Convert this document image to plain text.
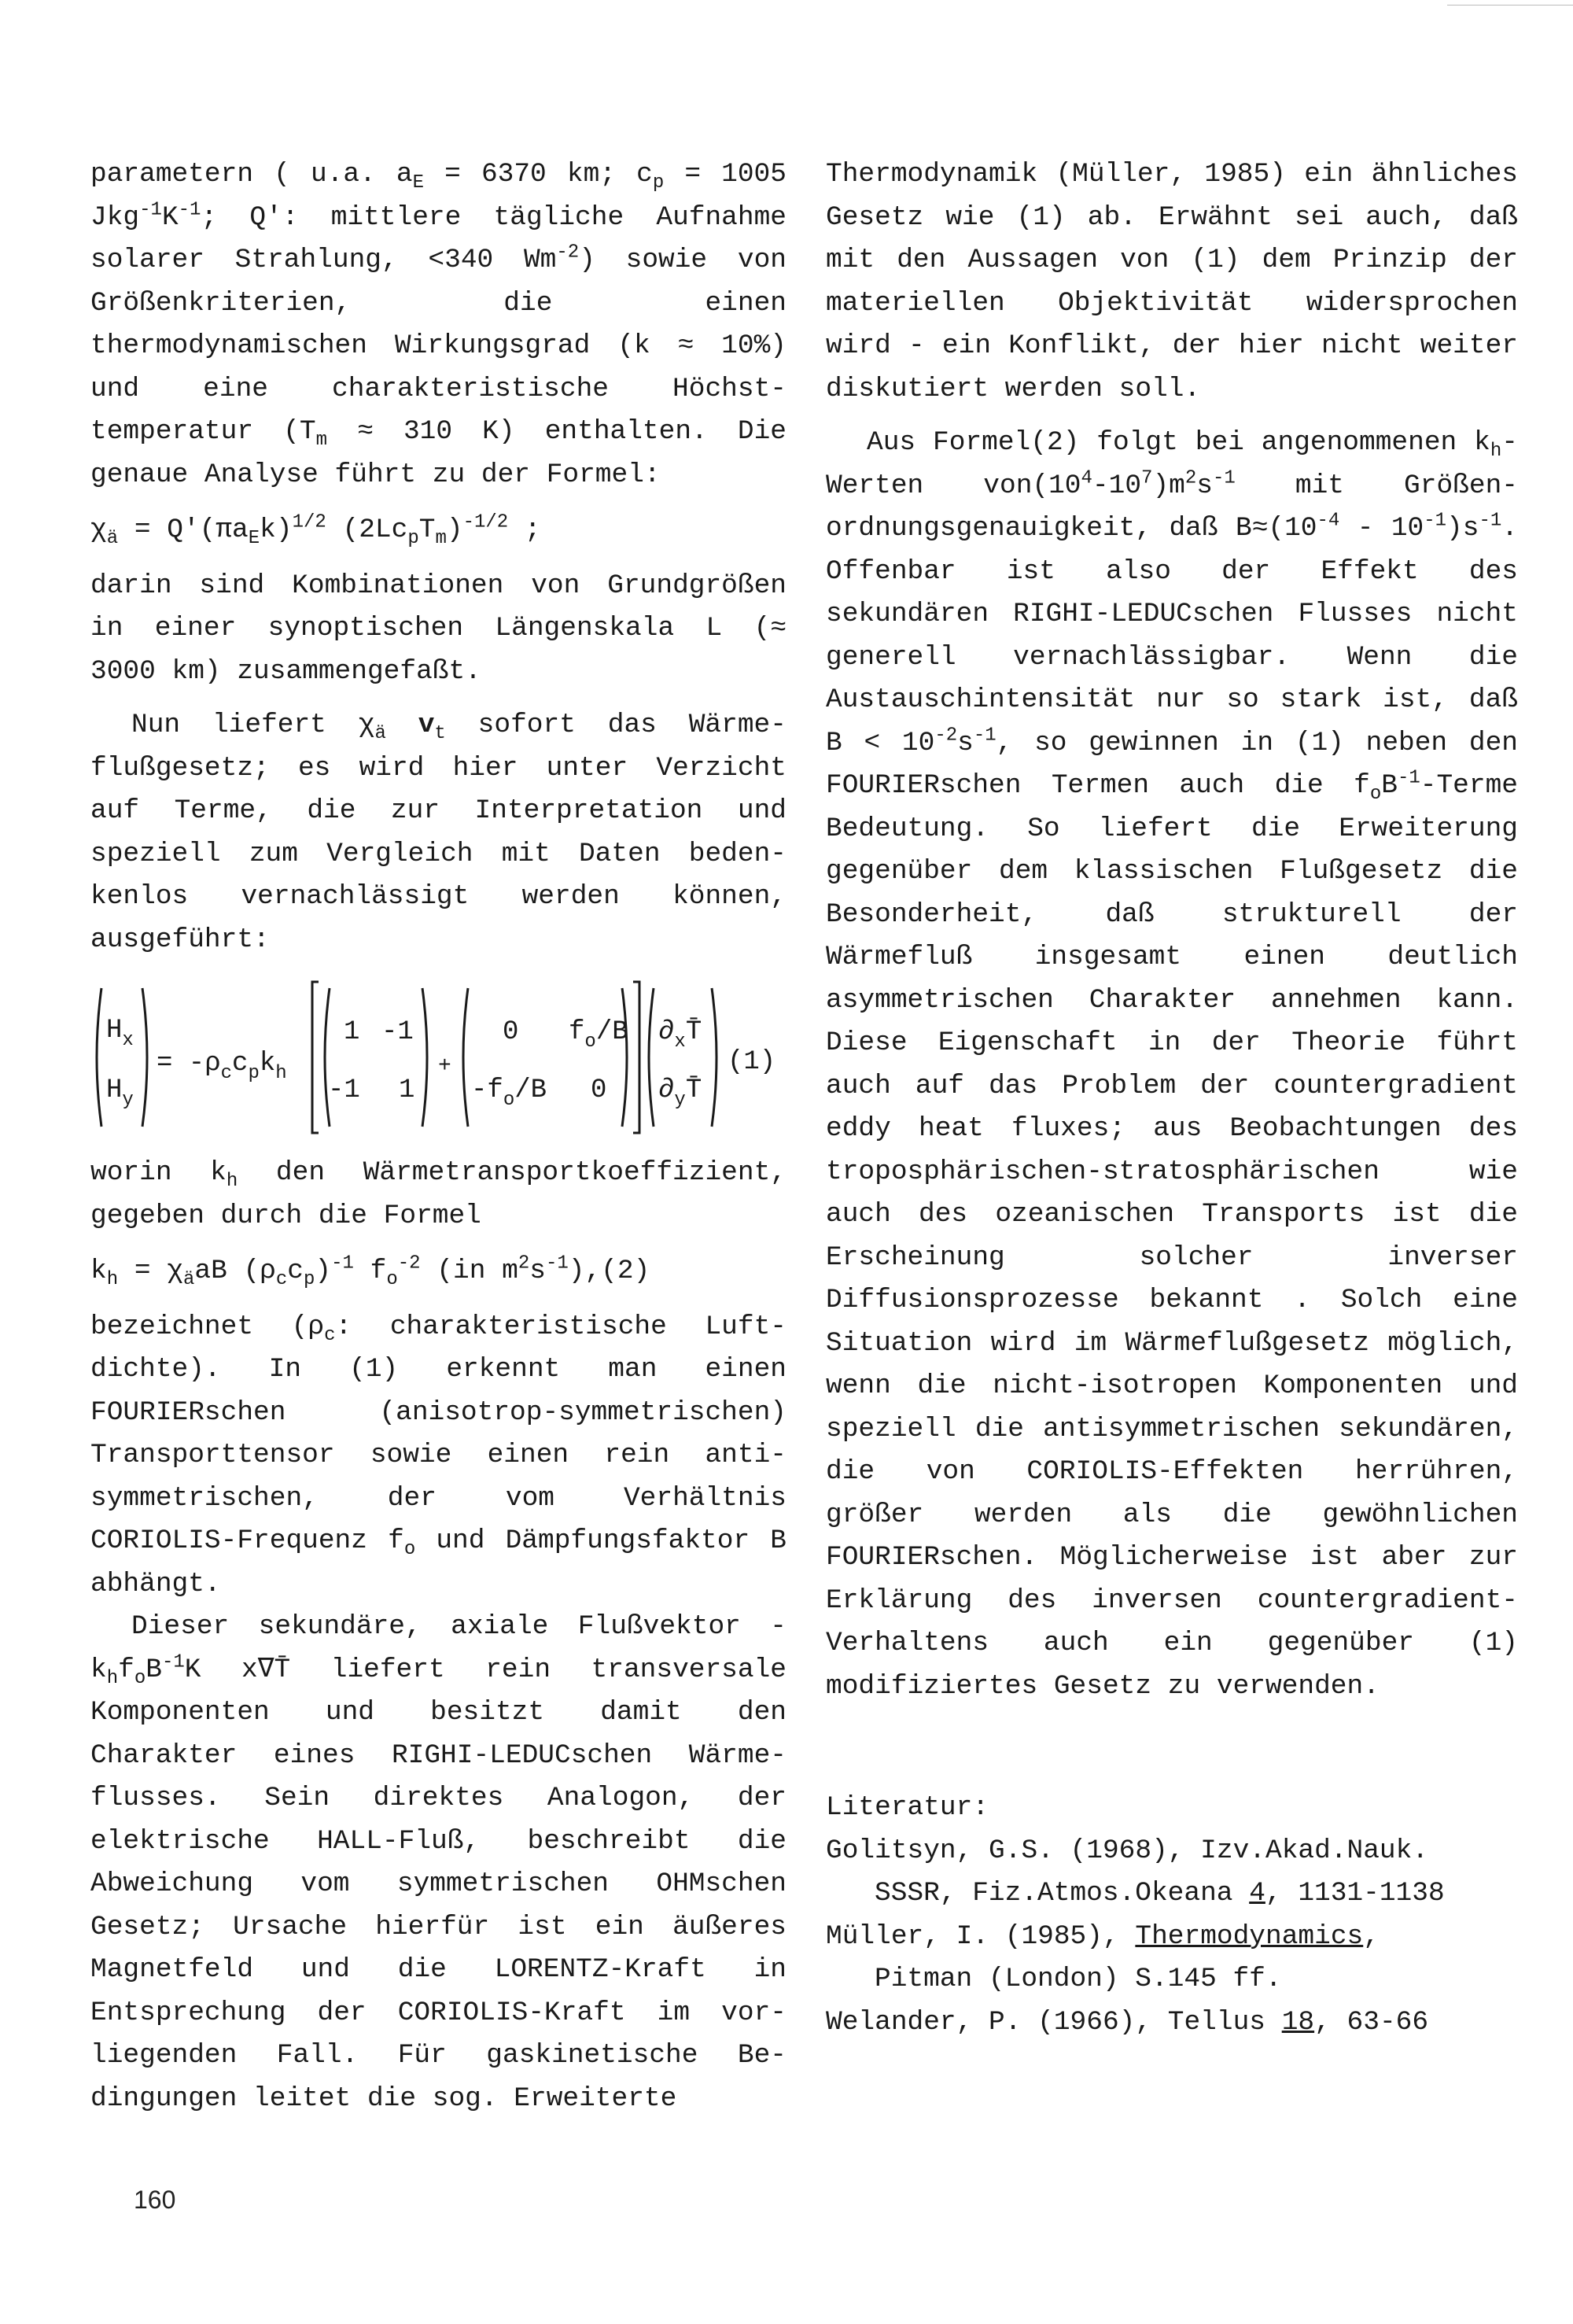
parametern ( u.a. $a_E = 6370$ km; $c_p = 1005$ $Jkg^{-1}K^{-1}$; Q': mittlere tägliche Aufnahme solarer Strahlung, <340 $Wm^{-2}$) sowie von Größenkriterien, die einen thermodynamischen Wirkungsgrad (k ≈ 10%) und eine charakteristische Höchsttemperatur ($T_m \approx 310$ K) enthalten. Die genaue Analyse führt zu der Formel:

$\chi_ä = Q'(\pi a_Ek)^{1/2}$ $(2Lc_pT_m)^{-1/2}$ ;

darin sind Kombinationen von Grundgrößen in einer synoptischen Längenskala L (≈ 3000 km) zusammengefaßt.

Nun liefert $\chi_ä$ $v_t$ sofort das Wärmeflußgesetz; es wird hier unter Verzicht auf Terme, die zur Interpretation und speziell zum Vergleich mit Daten bedenkenlos vernachlässigt werden können, ausgeführt:

$H_x$
$H_y$
= $-\rho_cc_pk_h$
1 -1
-1 1
+
0 $f_o/B$
$-f_o/B$ 0
$\partial_xT̄$
$\partial_yT̄$
(1)

worin $k_h$ den Wärmetransportkoeffizient, gegeben durch die Formel

$k_h = \chi_äaB$ $(\rho_cc_p)^{-1}$ $f_o^{-2}$ (in $m^2s^{-1}),(2)$

bezeichnet ($\rho_c$: charakteristische Luftdichte). In (1) erkennt man einen FOURIERschen (anisotrop-symmetrischen) Transporttensor sowie einen rein antisymmetrischen, der vom Verhältnis CORIOLIS-Frequenz $f_o$ und Dämpfungsfaktor B abhängt.

Dieser sekundäre, axiale Flußvektor - $k_hf_oB^{-1}K$ x∇T̄ liefert rein transversale Komponenten und besitzt damit den Charakter eines RIGHI-LEDUCschen Wärmeflusses. Sein direktes Analogon, der elektrische HALL-Fluß, beschreibt die Abweichung vom symmetrischen OHMschen Gesetz; Ursache hierfür ist ein äußeres Magnetfeld und die LORENTZ-Kraft in Entsprechung der CORIOLIS-Kraft im vorliegenden Fall. Für gaskinetische Bedingungen leitet die sog. Erweiterte

Thermodynamik (Müller, 1985) ein ähnliches Gesetz wie (1) ab. Erwähnt sei auch, daß mit den Aussagen von (1) dem Prinzip der materiellen Objektivität widersprochen wird - ein Konflikt, der hier nicht weiter diskutiert werden soll.

Aus Formel(2) folgt bei angenommenen $k_h$-Werten $von(10^4-10^7)m^2s^{-1}$ mit Größenordnungsgenauigkeit, daß $B\approx(10^{-4} - 10^{-1})s^{-1}$. Offenbar ist also der Effekt des sekundären RIGHI-LEDUCschen Flusses nicht generell vernachlässigbar. Wenn die Austauschintensität nur so stark ist, daß $B < 10^{-2}s^{-1}$, so gewinnen in (1) neben den FOURIERschen Termen auch die $f_oB^{-1}$-Terme Bedeutung. So liefert die Erweiterung gegenüber dem klassischen Flußgesetz die Besonderheit, daß strukturell der Wärmefluß insgesamt einen deutlich asymmetrischen Charakter annehmen kann. Diese Eigenschaft in der Theorie führt auch auf das Problem der countergradient eddy heat fluxes; aus Beobachtungen des troposphärischen-stratosphärischen wie auch des ozeanischen Transports ist die Erscheinung solcher inverser Diffusionsprozesse bekannt . Solch eine Situation wird im Wärmeflußgesetz möglich, wenn die nicht-isotropen Komponenten und speziell die antisymmetrischen sekundären, die von CORIOLIS-Effekten herrühren, größer werden als die gewöhnlichen FOURIERschen. Möglicherweise ist aber zur Erklärung des inversen countergradient-Verhaltens auch ein gegenüber (1) modifiziertes Gesetz zu verwenden.

Literatur:
Golitsyn, G.S. (1968), Izv.Akad.Nauk.
SSSR, Fiz.Atmos.Okeana 4, 1131-1138
Müller, I. (1985), Thermodynamics,
Pitman (London) S.145 ff.
Welander, P. (1966), Tellus 18, 63-66
160
